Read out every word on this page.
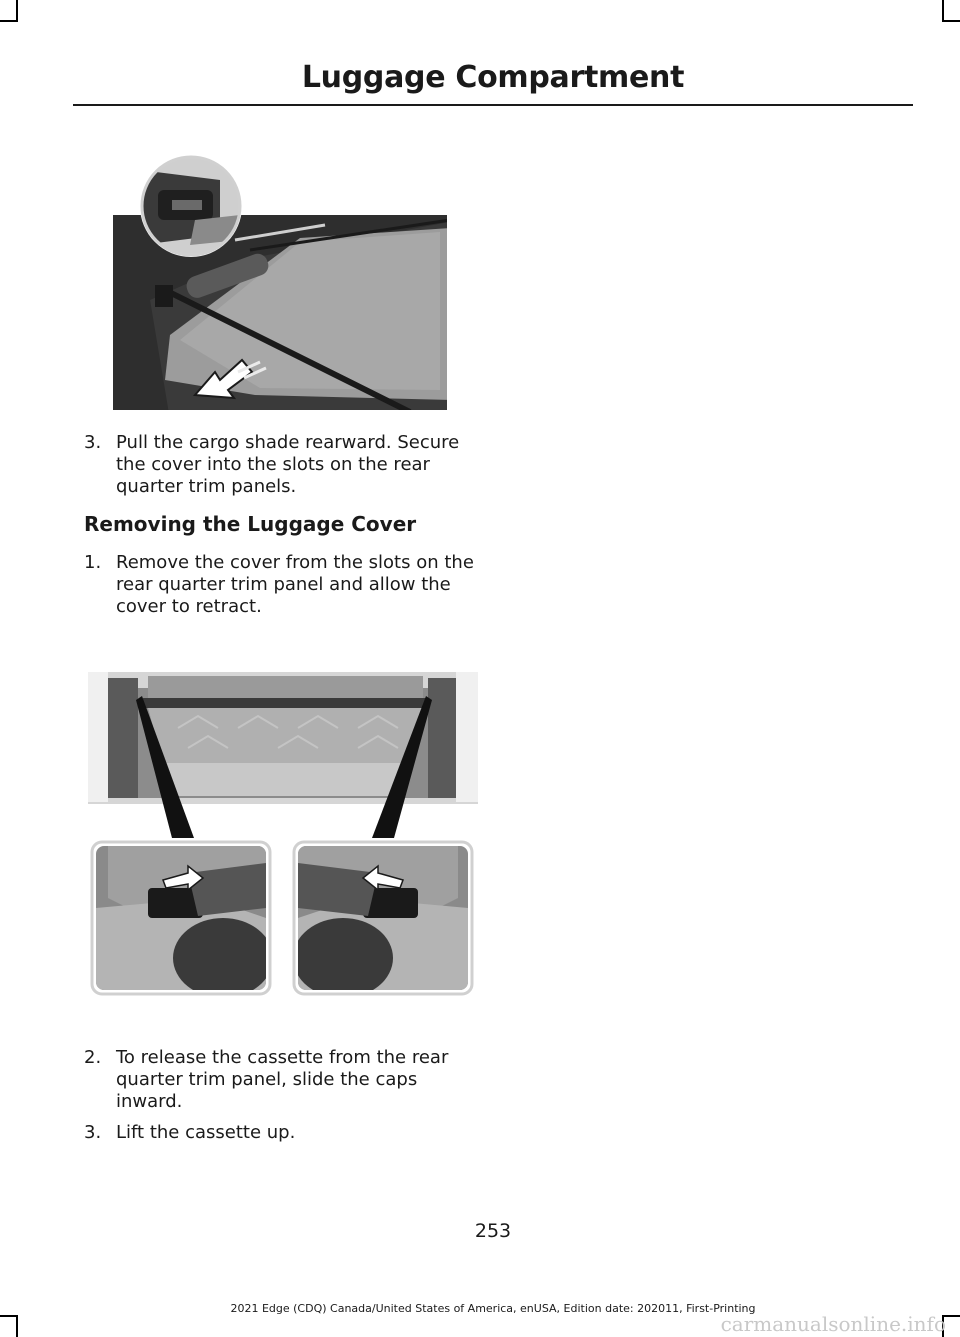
Luggage Compartment
3. Pull the cargo shade rearward. Secure the cover into the slots on the rear quarter trim panels.
Removing the Luggage Cover
1. Remove the cover from the slots on the rear quarter trim panel and allow the cover to retract.
2. To release the cassette from the rear quarter trim panel, slide the caps inward.
3. Lift the cassette up.
253
2021 Edge (CDQ) Canada/United States of America, enUSA, Edition date: 202011, First-Printing
carmanualsonline.info
